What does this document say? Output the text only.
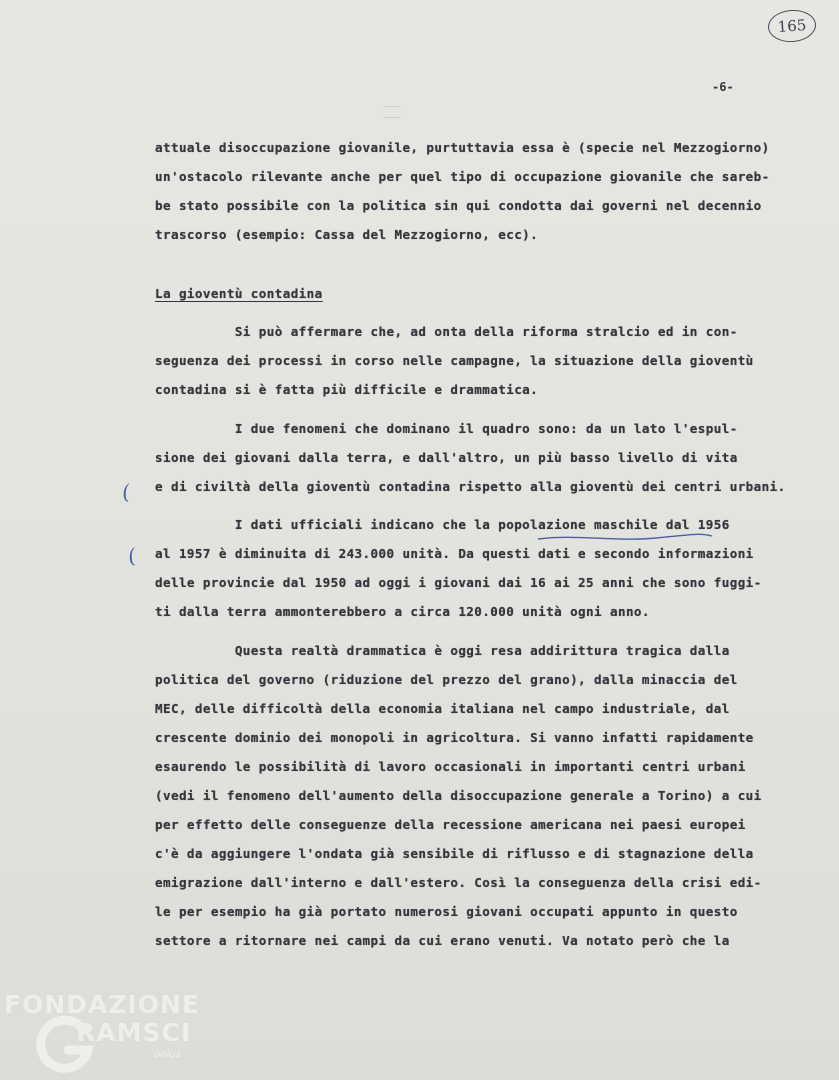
165
-6-
attuale disoccupazione giovanile, purtuttavia essa è (specie nel Mezzogiorno)
un'ostacolo rilevante anche per quel tipo di occupazione giovanile che sareb-
be stato possibile con la politica sin qui condotta dai governi nel decennio
trascorso (esempio: Cassa del Mezzogiorno, ecc).
La gioventù contadina
Si può affermare che, ad onta della riforma stralcio ed in con-
seguenza dei processi in corso nelle campagne, la situazione della gioventù
contadina si è fatta più difficile e drammatica.
I due fenomeni che dominano il quadro sono: da un lato l'espul-
sione dei giovani dalla terra, e dall'altro, un più basso livello di vita
e di civiltà della gioventù contadina rispetto alla gioventù dei centri urbani.
I dati ufficiali indicano che la popolazione maschile dal 1956
al 1957 è diminuita di 243.000 unità. Da questi dati e secondo informazioni
delle provincie dal 1950 ad oggi i giovani dai 16 ai 25 anni che sono fuggi-
ti dalla terra ammonterebbero a circa 120.000 unità ogni anno.
Questa realtà drammatica è oggi resa addirittura tragica dalla
politica del governo (riduzione del prezzo del grano), dalla minaccia del
MEC, delle difficoltà della economia italiana nel campo industriale, dal
crescente dominio dei monopoli in agricoltura. Si vanno infatti rapidamente
esaurendo le possibilità di lavoro occasionali in importanti centri urbani
(vedi il fenomeno dell'aumento della disoccupazione generale a Torino) a cui
per effetto delle conseguenze della recessione americana nei paesi europei
c'è da aggiungere l'ondata già sensibile di riflusso e di stagnazione della
emigrazione dall'interno e dall'estero. Così la conseguenza della crisi edi-
le per esempio ha già portato numerosi giovani occupati appunto in questo
settore a ritornare nei campi da cui erano venuti. Va notato però che la
(
(
FONDAZIONE
RAMSCI
onlus
